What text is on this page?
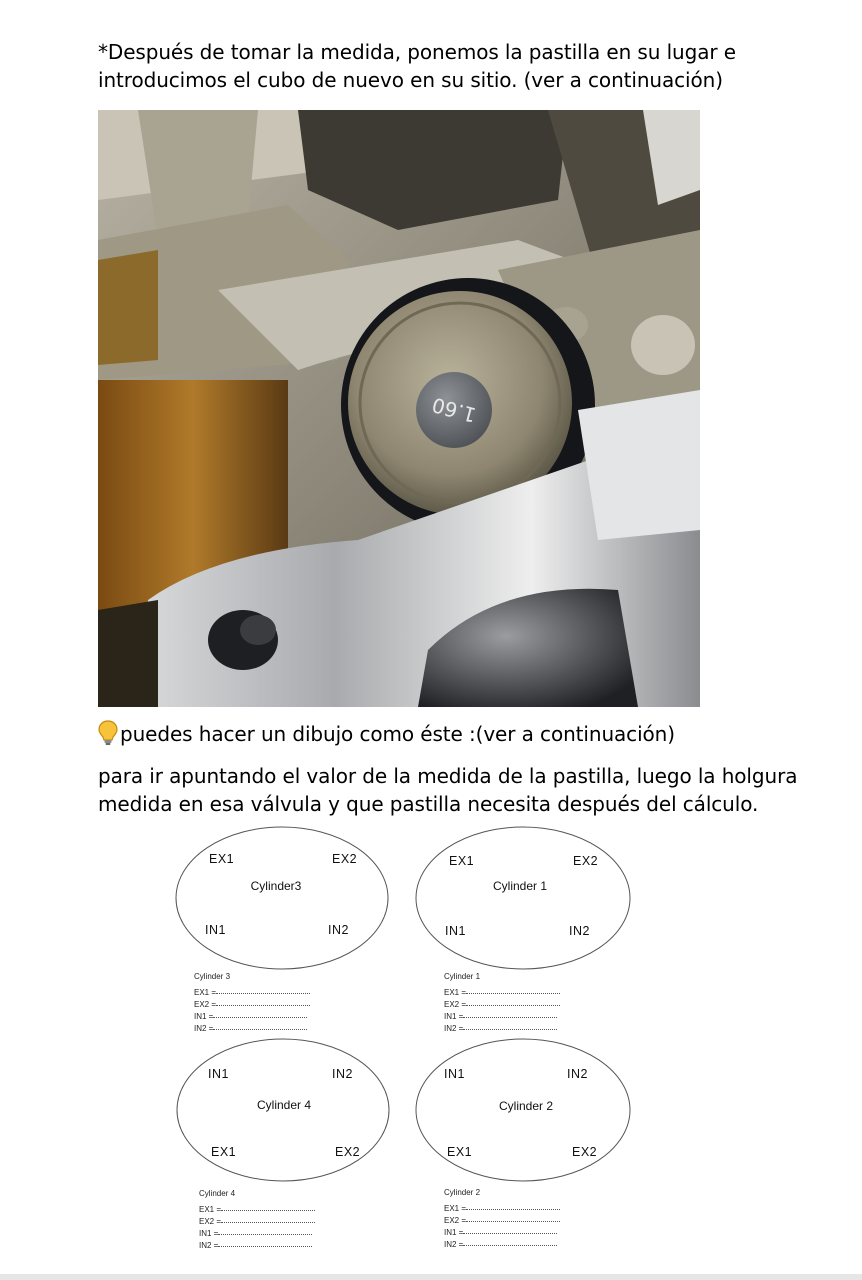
*Después de tomar la medida, ponemos la pastilla en su lugar e introducimos el cubo de nuevo en su sitio. (ver a continuación)

1.60

puedes hacer un dibujo como éste :(ver a continuación)

para ir apuntando el valor de la medida de la pastilla, luego la holgura medida en esa válvula y que pastilla necesita después del cálculo.

EX1	EX2
Cylinder3
IN1	IN2
Cylinder 3
EX1 =
EX2 =
IN1 =
IN2 =
EX1	EX2
Cylinder 1
IN1	IN2
Cylinder 1
EX1 =
EX2 =
IN1 =
IN2 =
IN1	IN2
Cylinder 4
EX1	EX2
Cylinder 4
EX1 =
EX2 =
IN1 =
IN2 =
IN1	IN2
Cylinder 2
EX1	EX2
Cylinder 2
EX1 =
EX2 =
IN1 =
IN2 =
